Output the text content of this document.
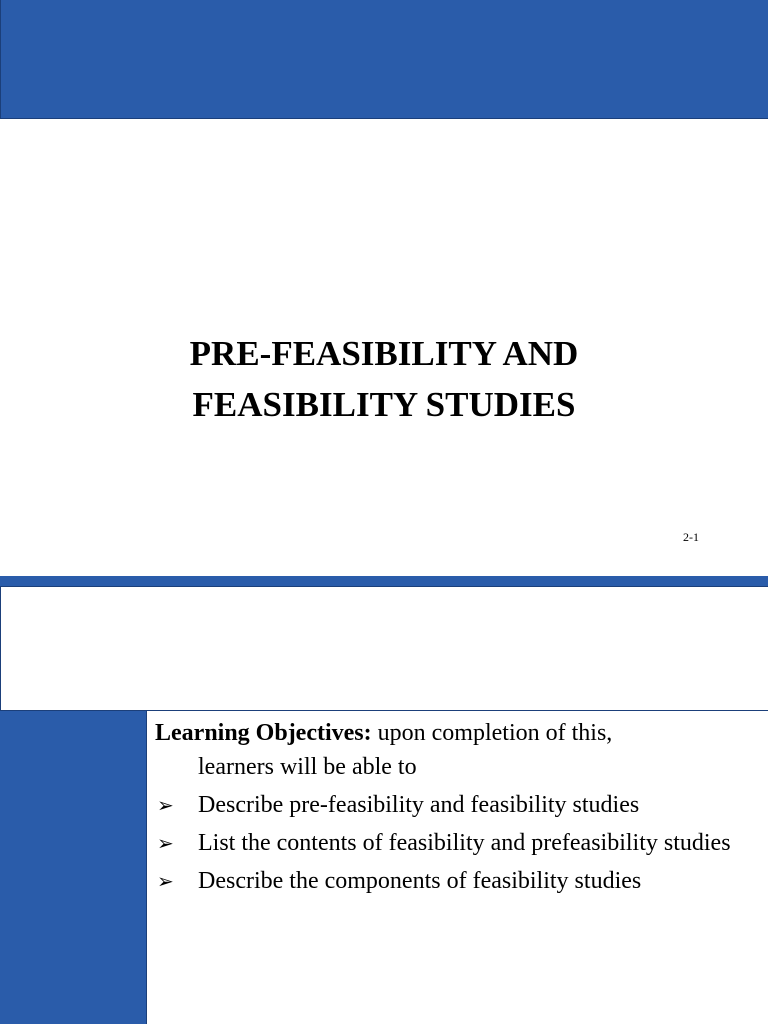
PRE-FEASIBILITY AND
FEASIBILITY STUDIES
2-1

Learning Objectives: upon completion of this,
learners will be able to

➢ Describe pre-feasibility and feasibility studies
➢ List the contents of feasibility and prefeasibility studies
➢ Describe the components of feasibility studies
